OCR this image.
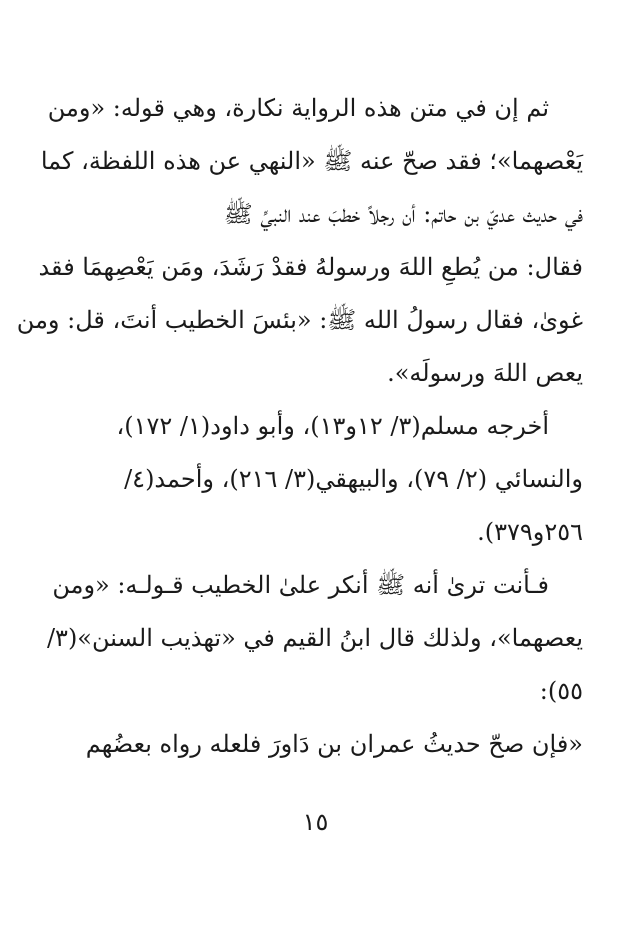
ثم إن في متن هذه الرواية نكارة، وهي قوله: «ومن
يَعْصهما»؛ فقد صحّ عنه ﷺ «النهي عن هذه اللفظة، كما
في حديث عديّ بن حاتم: أن رجلاً خطبَ عند النبيِّ ﷺ
فقال: من يُطعِ اللهَ ورسولهُ فقدْ رَشَدَ، ومَن يَعْصِهمَا فقد
غوىٰ، فقال رسولُ الله ﷺ: «بئسَ الخطيب أنتَ، قل: ومن
يعص اللهَ ورسولَه».
أخرجه مسلم(٣/ ١٢و١٣)، وأبو داود(١/ ١٧٢)،
والنسائي (٢/ ٧٩)، والبيهقي(٣/ ٢١٦)، وأحمد(٤/
٢٥٦و٣٧٩).
فـأنت ترىٰ أنه ﷺ أنكر علىٰ الخطيب قـولـه: «ومن
يعصهما»، ولذلك قال ابنُ القيم في «تهذيب السنن»(٣/
٥٥):
«فإن صحّ حديثُ عمران بن دَاورَ فلعله رواه بعضُهم
١٥
